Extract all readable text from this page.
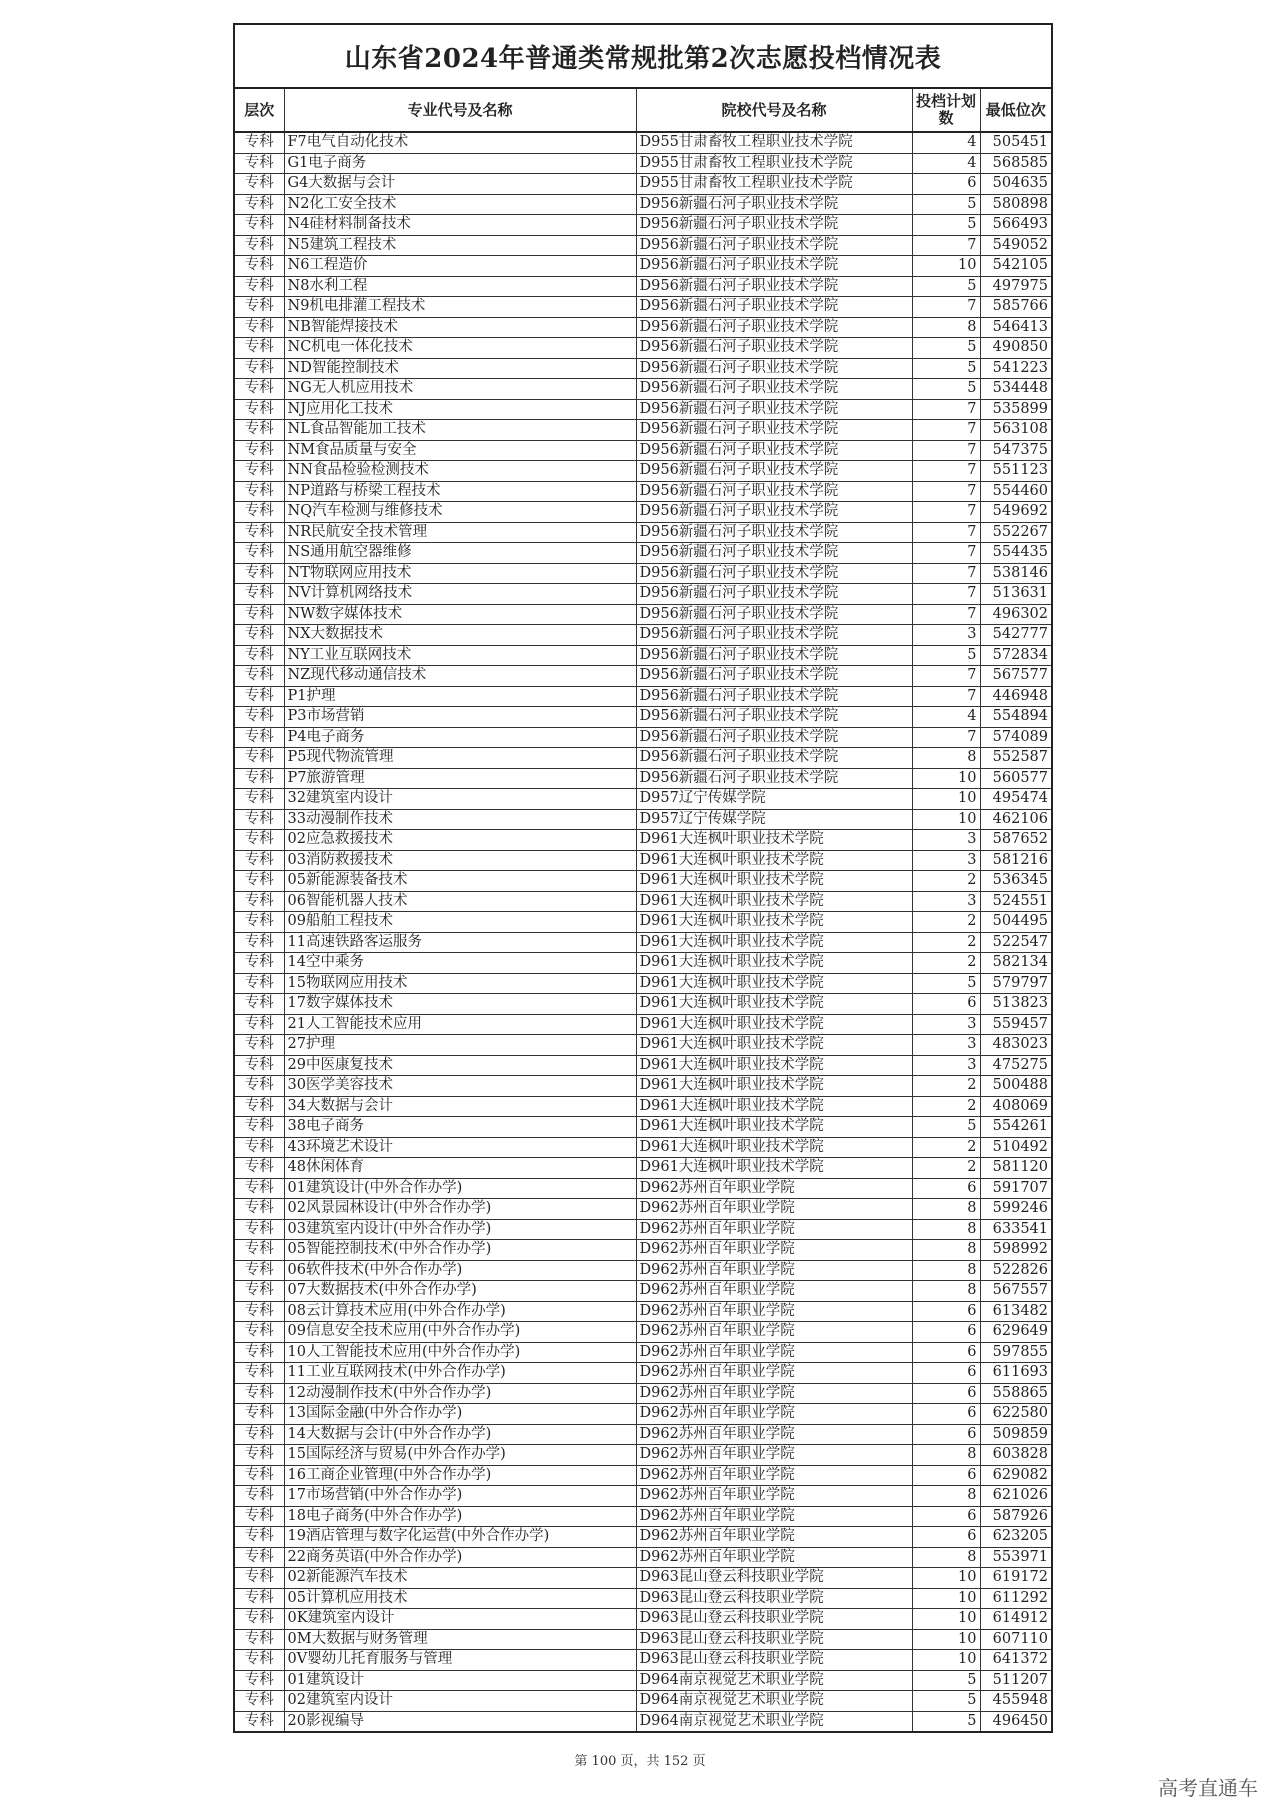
山东省2024年普通类常规批第2次志愿投档情况表
层次	专业代号及名称	院校代号及名称	投档计划数	最低位次
专科	F7电气自动化技术	D955甘肃畜牧工程职业技术学院	4	505451
专科	G1电子商务	D955甘肃畜牧工程职业技术学院	4	568585
专科	G4大数据与会计	D955甘肃畜牧工程职业技术学院	6	504635
专科	N2化工安全技术	D956新疆石河子职业技术学院	5	580898
专科	N4硅材料制备技术	D956新疆石河子职业技术学院	5	566493
专科	N5建筑工程技术	D956新疆石河子职业技术学院	7	549052
专科	N6工程造价	D956新疆石河子职业技术学院	10	542105
专科	N8水利工程	D956新疆石河子职业技术学院	5	497975
专科	N9机电排灌工程技术	D956新疆石河子职业技术学院	7	585766
专科	NB智能焊接技术	D956新疆石河子职业技术学院	8	546413
专科	NC机电一体化技术	D956新疆石河子职业技术学院	5	490850
专科	ND智能控制技术	D956新疆石河子职业技术学院	5	541223
专科	NG无人机应用技术	D956新疆石河子职业技术学院	5	534448
专科	NJ应用化工技术	D956新疆石河子职业技术学院	7	535899
专科	NL食品智能加工技术	D956新疆石河子职业技术学院	7	563108
专科	NM食品质量与安全	D956新疆石河子职业技术学院	7	547375
专科	NN食品检验检测技术	D956新疆石河子职业技术学院	7	551123
专科	NP道路与桥梁工程技术	D956新疆石河子职业技术学院	7	554460
专科	NQ汽车检测与维修技术	D956新疆石河子职业技术学院	7	549692
专科	NR民航安全技术管理	D956新疆石河子职业技术学院	7	552267
专科	NS通用航空器维修	D956新疆石河子职业技术学院	7	554435
专科	NT物联网应用技术	D956新疆石河子职业技术学院	7	538146
专科	NV计算机网络技术	D956新疆石河子职业技术学院	7	513631
专科	NW数字媒体技术	D956新疆石河子职业技术学院	7	496302
专科	NX大数据技术	D956新疆石河子职业技术学院	3	542777
专科	NY工业互联网技术	D956新疆石河子职业技术学院	5	572834
专科	NZ现代移动通信技术	D956新疆石河子职业技术学院	7	567577
专科	P1护理	D956新疆石河子职业技术学院	7	446948
专科	P3市场营销	D956新疆石河子职业技术学院	4	554894
专科	P4电子商务	D956新疆石河子职业技术学院	7	574089
专科	P5现代物流管理	D956新疆石河子职业技术学院	8	552587
专科	P7旅游管理	D956新疆石河子职业技术学院	10	560577
专科	32建筑室内设计	D957辽宁传媒学院	10	495474
专科	33动漫制作技术	D957辽宁传媒学院	10	462106
专科	02应急救援技术	D961大连枫叶职业技术学院	3	587652
专科	03消防救援技术	D961大连枫叶职业技术学院	3	581216
专科	05新能源装备技术	D961大连枫叶职业技术学院	2	536345
专科	06智能机器人技术	D961大连枫叶职业技术学院	3	524551
专科	09船舶工程技术	D961大连枫叶职业技术学院	2	504495
专科	11高速铁路客运服务	D961大连枫叶职业技术学院	2	522547
专科	14空中乘务	D961大连枫叶职业技术学院	2	582134
专科	15物联网应用技术	D961大连枫叶职业技术学院	5	579797
专科	17数字媒体技术	D961大连枫叶职业技术学院	6	513823
专科	21人工智能技术应用	D961大连枫叶职业技术学院	3	559457
专科	27护理	D961大连枫叶职业技术学院	3	483023
专科	29中医康复技术	D961大连枫叶职业技术学院	3	475275
专科	30医学美容技术	D961大连枫叶职业技术学院	2	500488
专科	34大数据与会计	D961大连枫叶职业技术学院	2	408069
专科	38电子商务	D961大连枫叶职业技术学院	5	554261
专科	43环境艺术设计	D961大连枫叶职业技术学院	2	510492
专科	48休闲体育	D961大连枫叶职业技术学院	2	581120
专科	01建筑设计(中外合作办学)	D962苏州百年职业学院	6	591707
专科	02风景园林设计(中外合作办学)	D962苏州百年职业学院	8	599246
专科	03建筑室内设计(中外合作办学)	D962苏州百年职业学院	8	633541
专科	05智能控制技术(中外合作办学)	D962苏州百年职业学院	8	598992
专科	06软件技术(中外合作办学)	D962苏州百年职业学院	8	522826
专科	07大数据技术(中外合作办学)	D962苏州百年职业学院	8	567557
专科	08云计算技术应用(中外合作办学)	D962苏州百年职业学院	6	613482
专科	09信息安全技术应用(中外合作办学)	D962苏州百年职业学院	6	629649
专科	10人工智能技术应用(中外合作办学)	D962苏州百年职业学院	6	597855
专科	11工业互联网技术(中外合作办学)	D962苏州百年职业学院	6	611693
专科	12动漫制作技术(中外合作办学)	D962苏州百年职业学院	6	558865
专科	13国际金融(中外合作办学)	D962苏州百年职业学院	6	622580
专科	14大数据与会计(中外合作办学)	D962苏州百年职业学院	6	509859
专科	15国际经济与贸易(中外合作办学)	D962苏州百年职业学院	8	603828
专科	16工商企业管理(中外合作办学)	D962苏州百年职业学院	6	629082
专科	17市场营销(中外合作办学)	D962苏州百年职业学院	8	621026
专科	18电子商务(中外合作办学)	D962苏州百年职业学院	6	587926
专科	19酒店管理与数字化运营(中外合作办学)	D962苏州百年职业学院	6	623205
专科	22商务英语(中外合作办学)	D962苏州百年职业学院	8	553971
专科	02新能源汽车技术	D963昆山登云科技职业学院	10	619172
专科	05计算机应用技术	D963昆山登云科技职业学院	10	611292
专科	0K建筑室内设计	D963昆山登云科技职业学院	10	614912
专科	0M大数据与财务管理	D963昆山登云科技职业学院	10	607110
专科	0V婴幼儿托育服务与管理	D963昆山登云科技职业学院	10	641372
专科	01建筑设计	D964南京视觉艺术职业学院	5	511207
专科	02建筑室内设计	D964南京视觉艺术职业学院	5	455948
专科	20影视编导	D964南京视觉艺术职业学院	5	496450
第 100 页，共 152 页
高考直通车
